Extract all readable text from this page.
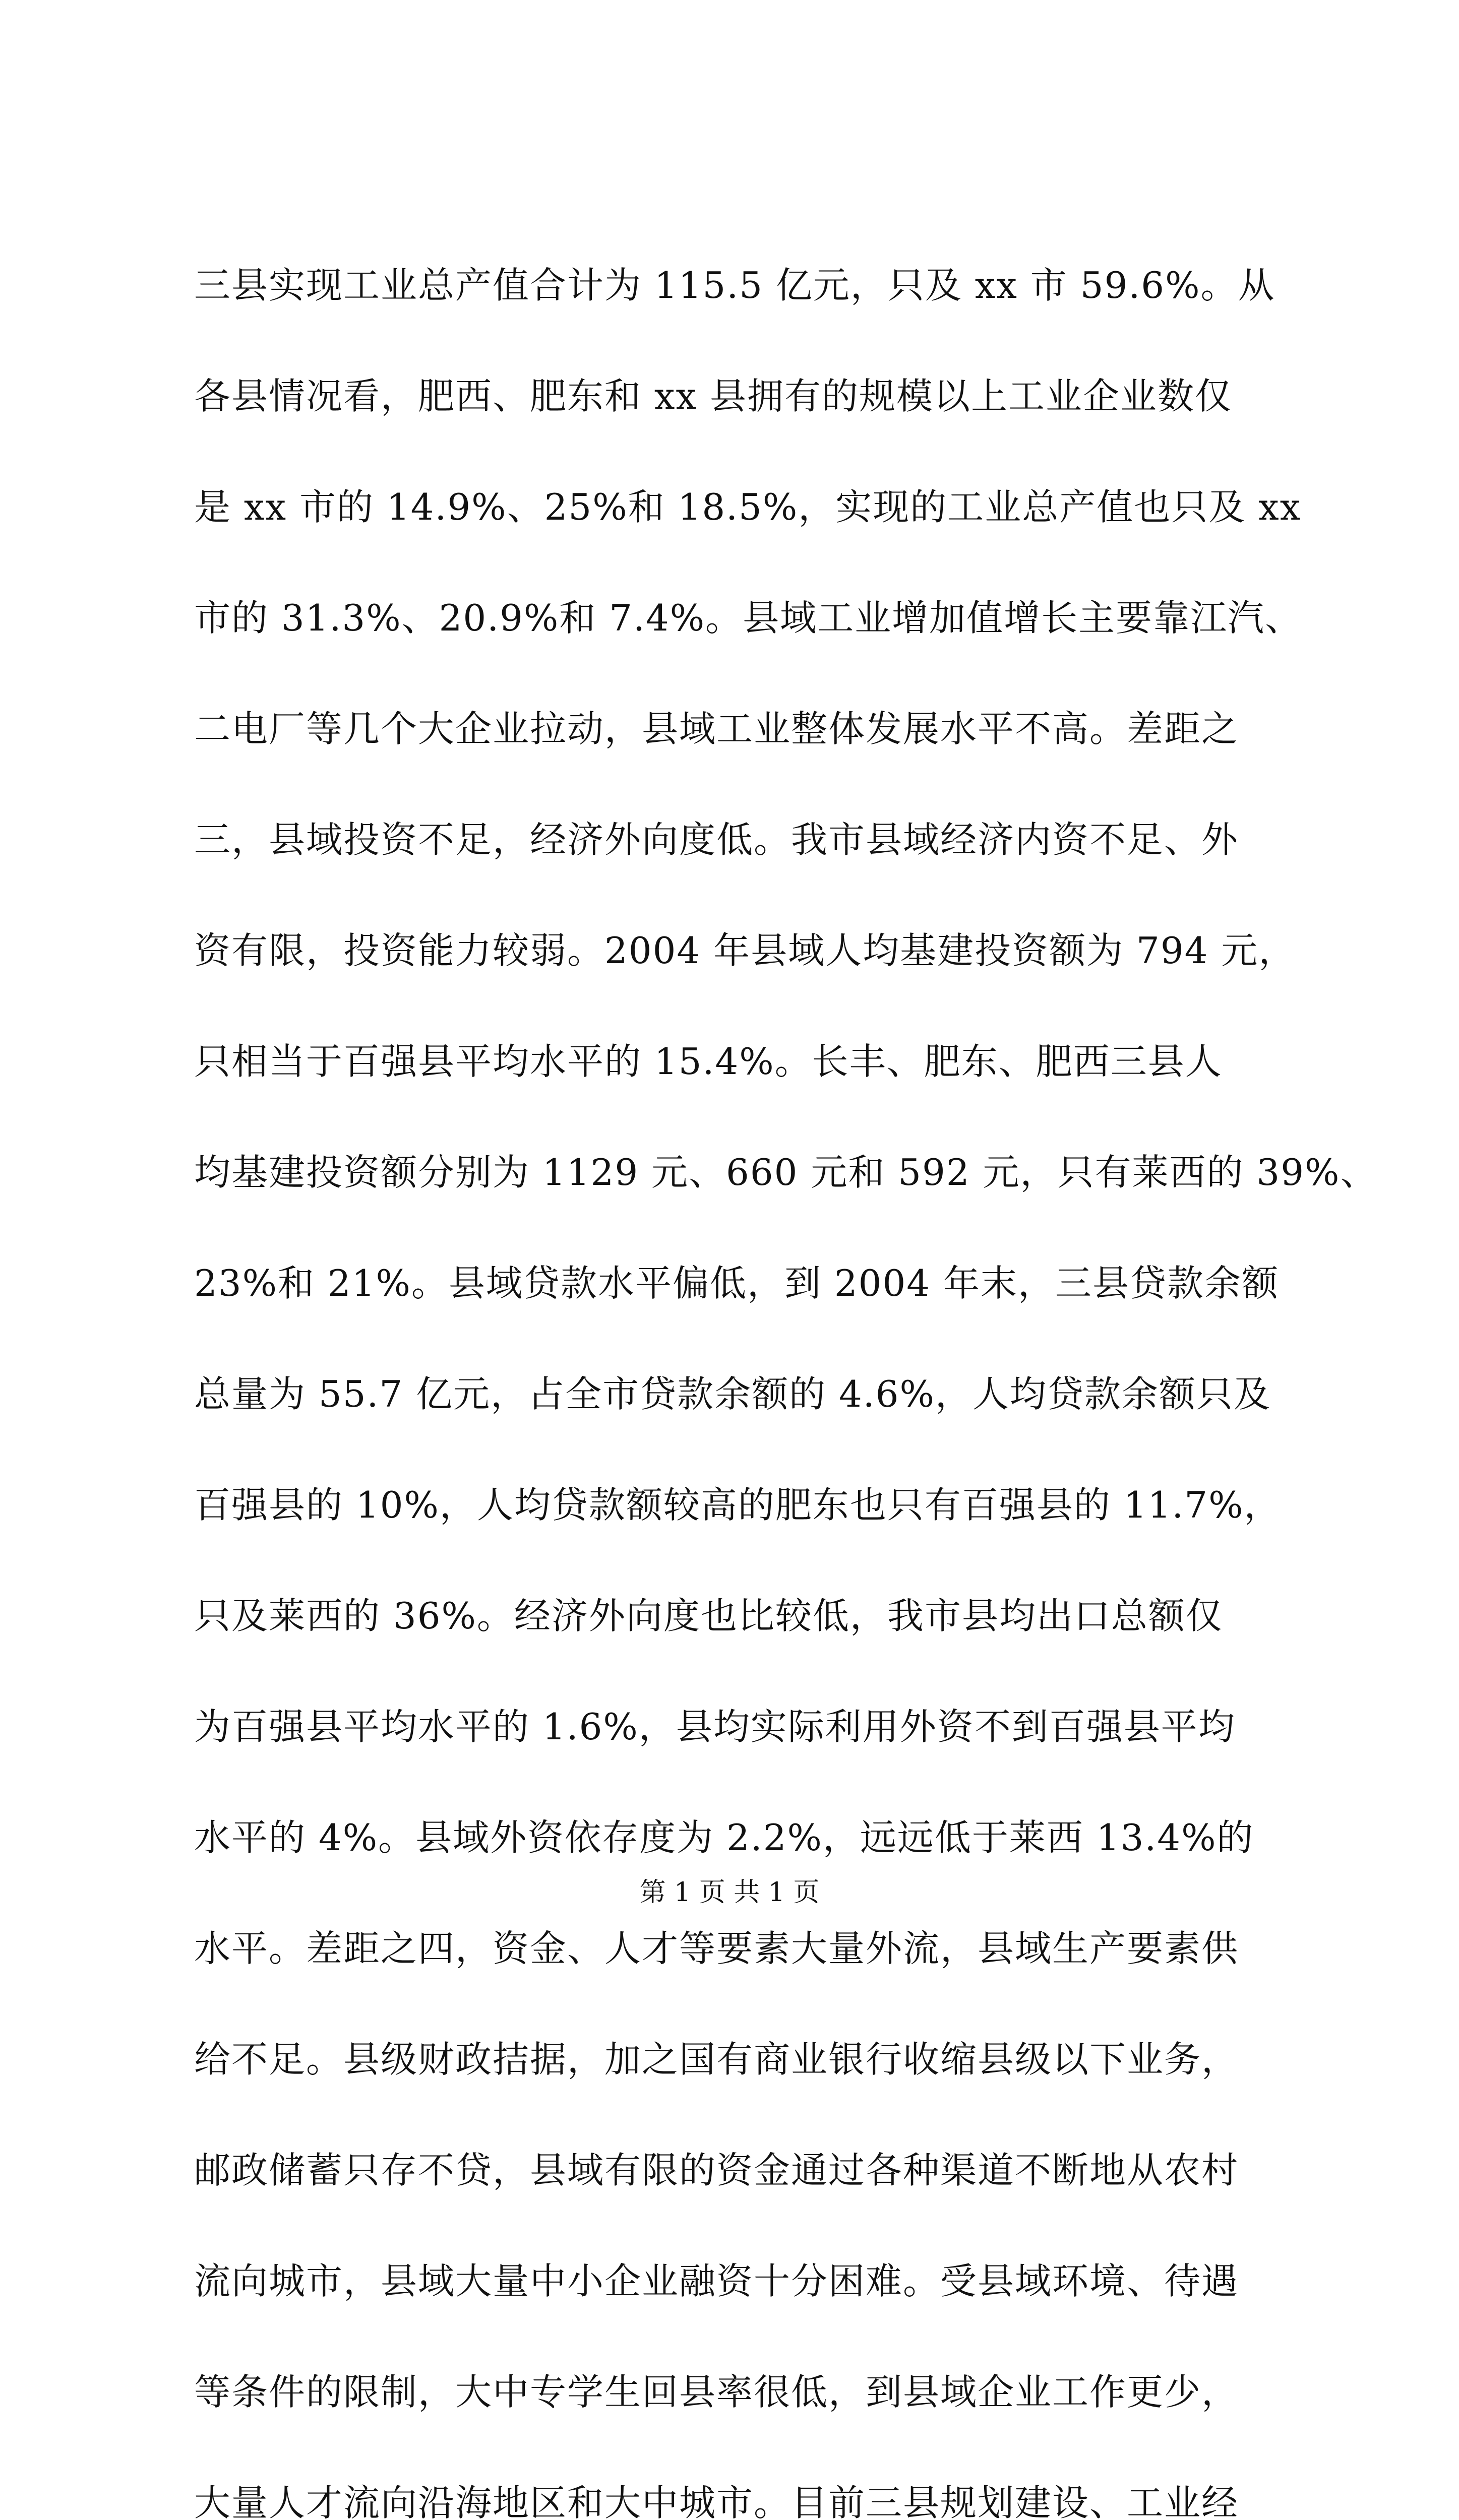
三县实现工业总产值合计为 115.5 亿元，只及 xx 市 59.6%。从
各县情况看，肥西、肥东和 xx 县拥有的规模以上工业企业数仅
是 xx 市的 14.9%、25%和 18.5%，实现的工业总产值也只及 xx
市的 31.3%、20.9%和 7.4%。县域工业增加值增长主要靠江汽、
二电厂等几个大企业拉动，县域工业整体发展水平不高。差距之
三，县域投资不足，经济外向度低。我市县域经济内资不足、外
资有限，投资能力较弱。2004 年县域人均基建投资额为 794 元，
只相当于百强县平均水平的 15.4%。长丰、肥东、肥西三县人
均基建投资额分别为 1129 元、660 元和 592 元，只有莱西的 39%、
23%和 21%。县域贷款水平偏低，到 2004 年末，三县贷款余额
总量为 55.7 亿元，占全市贷款余额的 4.6%，人均贷款余额只及
百强县的 10%，人均贷款额较高的肥东也只有百强县的 11.7%，
只及莱西的 36%。经济外向度也比较低，我市县均出口总额仅
为百强县平均水平的 1.6%，县均实际利用外资不到百强县平均
水平的 4%。县域外资依存度为 2.2%，远远低于莱西 13.4%的
水平。差距之四，资金、人才等要素大量外流，县域生产要素供
给不足。县级财政拮据，加之国有商业银行收缩县级以下业务，
邮政储蓄只存不贷，县域有限的资金通过各种渠道不断地从农村
流向城市，县域大量中小企业融资十分困难。受县域环境、待遇
等条件的限制，大中专学生回县率很低，到县域企业工作更少，
大量人才流向沿海地区和大中城市。目前三县规划建设、工业经
第 1 页 共 1 页
